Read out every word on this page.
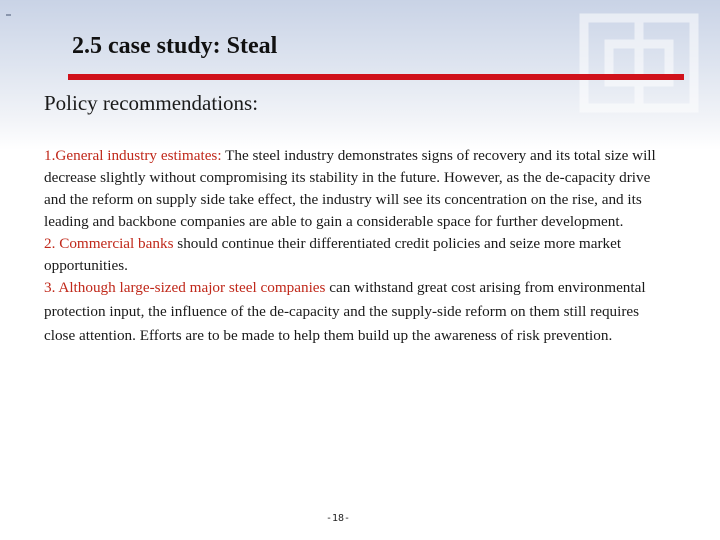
2.5 case study: Steal
Policy recommendations:

1.General industry estimates: The steel industry demonstrates signs of recovery and its total size will decrease slightly without compromising its stability in the future. However, as the de-capacity drive and the reform on supply side take effect, the industry will see its concentration on the rise, and its leading and backbone companies are able to gain a considerable space for further development.

2. Commercial banks should continue their differentiated credit policies and seize more market opportunities.

3. Although large-sized major steel companies can withstand great cost arising from environmental protection input, the influence of the de-capacity and the supply-side reform on them still requires close attention. Efforts are to be made to help them build up the awareness of risk prevention.

-18-
